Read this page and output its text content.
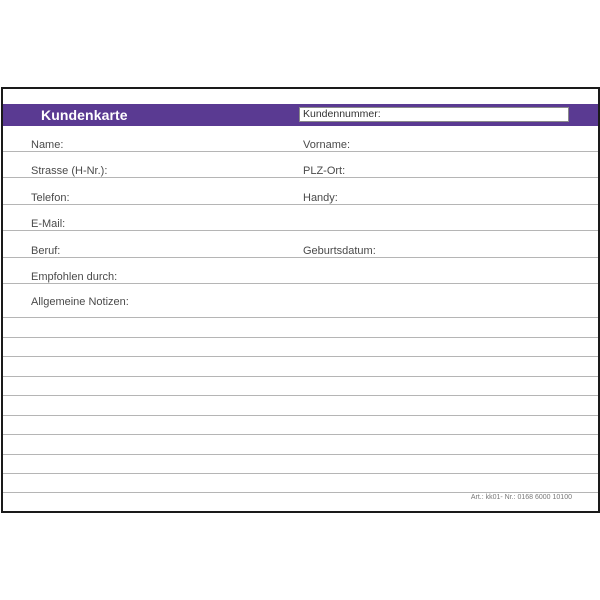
Kundenkarte	Kundennummer:
Name:	Vorname:
Strasse (H-Nr.):	PLZ-Ort:
Telefon:	Handy:
E-Mail:
Beruf:	Geburtsdatum:
Empfohlen durch:
Allgemeine Notizen:
Art.: kk01- Nr.: 0168 6000 10100
